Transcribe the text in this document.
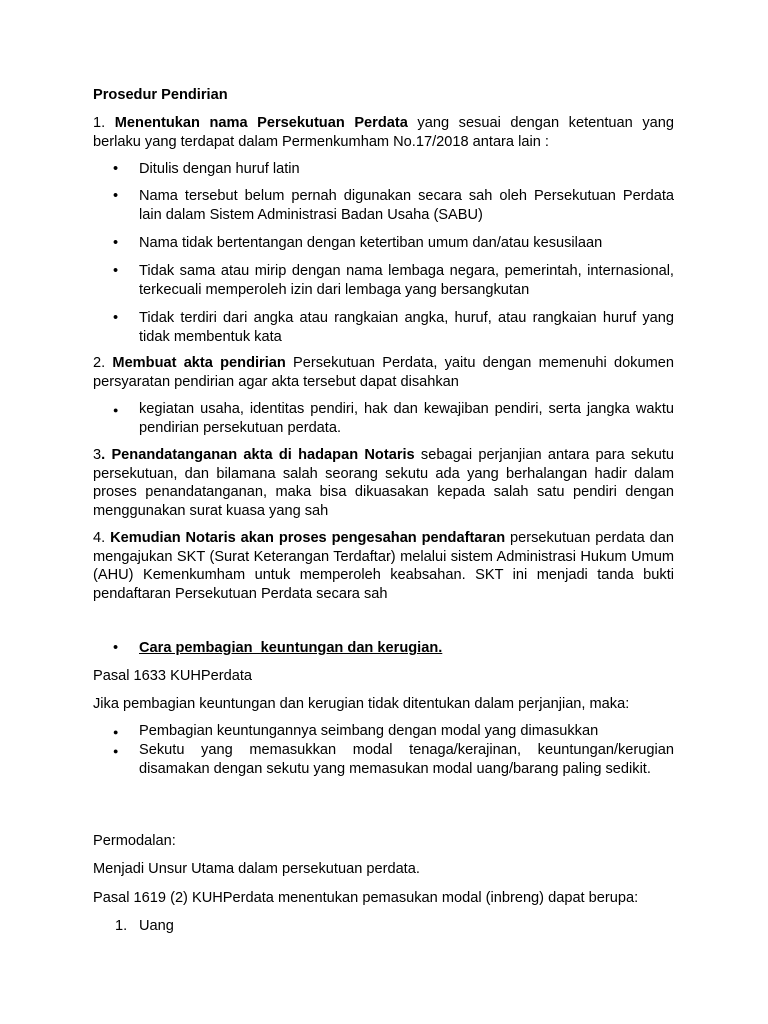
Prosedur Pendirian
1. Menentukan nama Persekutuan Perdata yang sesuai dengan ketentuan yang berlaku yang terdapat dalam Permenkumham No.17/2018 antara lain :
•
Ditulis dengan huruf latin
•
Nama tersebut belum pernah digunakan secara sah oleh Persekutuan Perdata lain dalam Sistem Administrasi Badan Usaha (SABU)
•
Nama tidak bertentangan dengan ketertiban umum dan/atau kesusilaan
•
Tidak sama atau mirip dengan nama lembaga negara, pemerintah, internasional, terkecuali memperoleh izin dari lembaga yang bersangkutan
•
Tidak terdiri dari angka atau rangkaian angka, huruf, atau rangkaian huruf yang tidak membentuk kata
2. Membuat akta pendirian Persekutuan Perdata, yaitu dengan memenuhi dokumen persyaratan pendirian agar akta tersebut dapat disahkan
●
kegiatan usaha, identitas pendiri, hak dan kewajiban pendiri, serta jangka waktu pendirian persekutuan perdata.
3. Penandatanganan akta di hadapan Notaris sebagai perjanjian antara para sekutu persekutuan, dan bilamana salah seorang sekutu ada yang berhalangan hadir dalam proses penandatanganan, maka bisa dikuasakan kepada salah satu pendiri dengan menggunakan surat kuasa yang sah
4. Kemudian Notaris akan proses pengesahan pendaftaran persekutuan perdata dan mengajukan SKT (Surat Keterangan Terdaftar) melalui sistem Administrasi Hukum Umum (AHU) Kemenkumham untuk memperoleh keabsahan. SKT ini menjadi tanda bukti pendaftaran Persekutuan Perdata secara sah
•
Cara pembagian  keuntungan dan kerugian.
Pasal 1633 KUHPerdata
Jika pembagian keuntungan dan kerugian tidak ditentukan dalam perjanjian, maka:
●
Pembagian keuntungannya seimbang dengan modal yang dimasukkan
●
Sekutu yang memasukkan modal tenaga/kerajinan, keuntungan/kerugian disamakan dengan sekutu yang memasukan modal uang/barang paling sedikit.
Permodalan:
Menjadi Unsur Utama dalam persekutuan perdata.
Pasal 1619 (2) KUHPerdata menentukan pemasukan modal (inbreng) dapat berupa:
1. Uang
